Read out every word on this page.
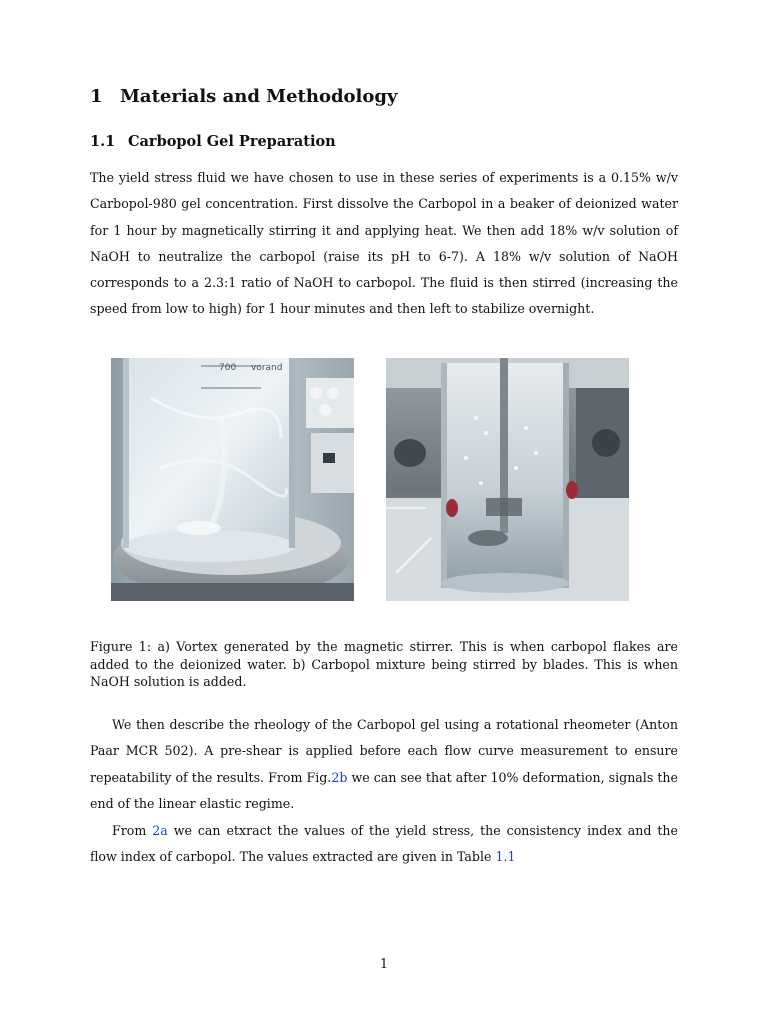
1 Materials and Methodology
1.1 Carbopol Gel Preparation

The yield stress fluid we have chosen to use in these series of experiments is a 0.15% w/v Carbopol-980 gel concentration. First dissolve the Carbopol in a beaker of deionized water for 1 hour by magnetically stirring it and applying heat. We then add 18% w/v solution of NaOH to neutralize the carbopol (raise its pH to 6-7). A 18% w/v solution of NaOH corresponds to a 2.3:1 ratio of NaOH to carbopol. The fluid is then stirred (increasing the speed from low to high) for 1 hour minutes and then left to stabilize overnight.

700 vorand

Figure 1: a) Vortex generated by the magnetic stirrer. This is when carbopol flakes are added to the deionized water. b) Carbopol mixture being stirred by blades. This is when NaOH solution is added.

We then describe the rheology of the Carbopol gel using a rotational rheometer (Anton Paar MCR 502). A pre-shear is applied before each flow curve measurement to ensure repeatability of the results. From Fig.2b we can see that after 10% deformation, signals the end of the linear elastic regime.

From 2a we can etxract the values of the yield stress, the consistency index and the flow index of carbopol. The values extracted are given in Table 1.1

1
